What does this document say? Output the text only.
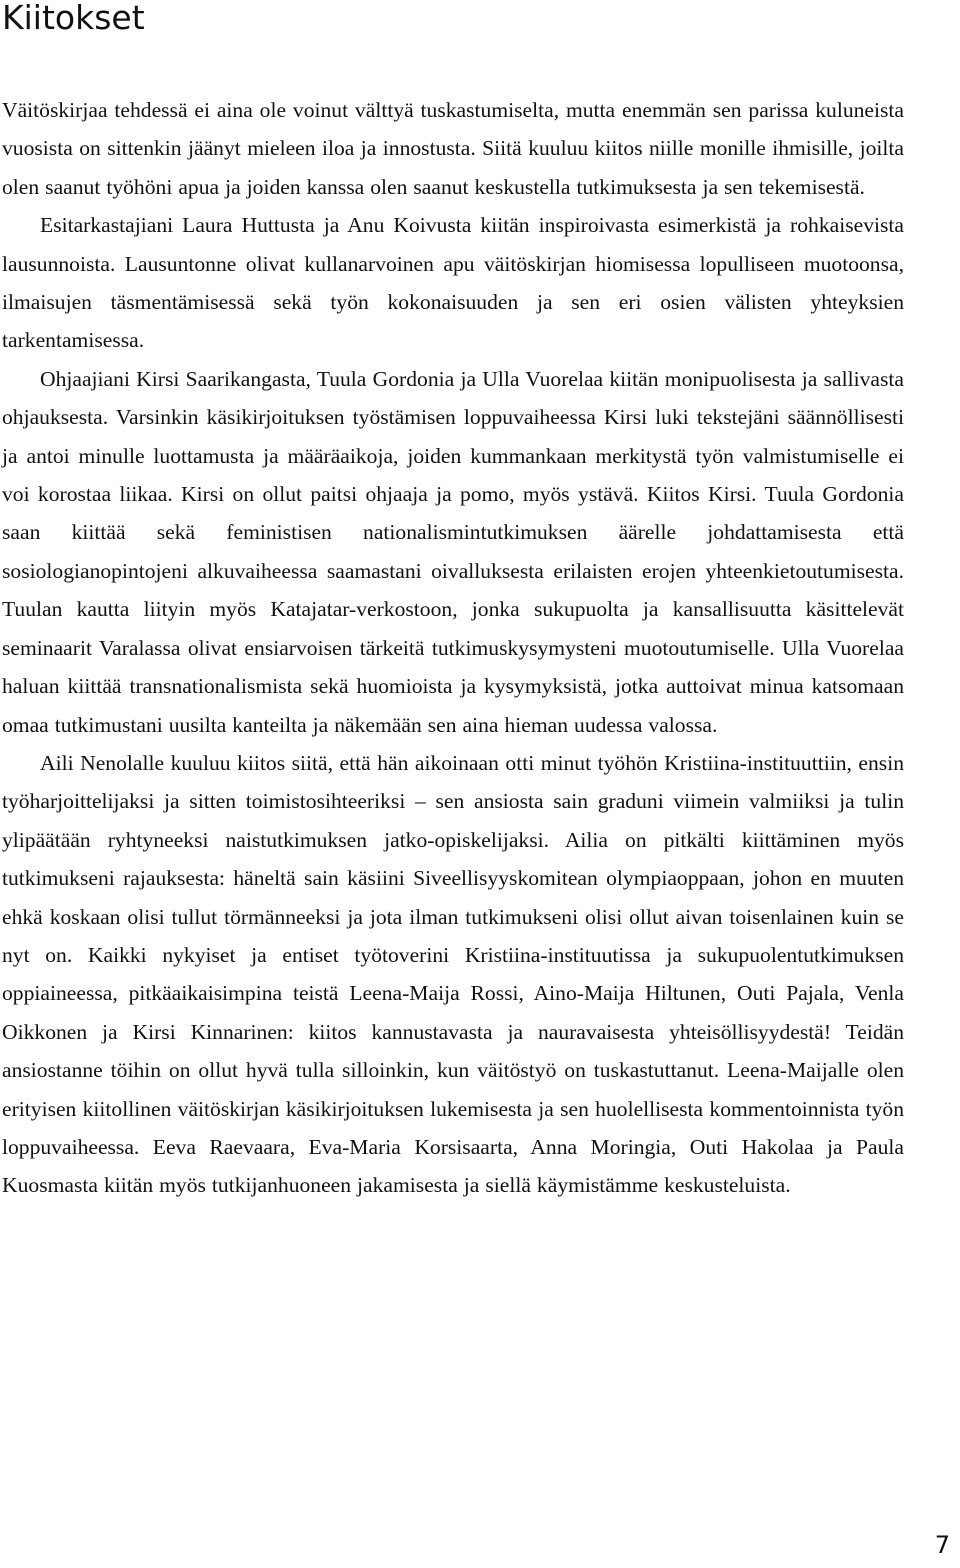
Kiitokset

Väitöskirjaa tehdessä ei aina ole voinut välttyä tuskastumiselta, mutta enemmän sen parissa kuluneista vuosista on sittenkin jäänyt mieleen iloa ja innostusta. Siitä kuuluu kiitos niille monille ihmisille, joilta olen saanut työhöni apua ja joiden kanssa olen saanut keskustella tutkimuksesta ja sen tekemisestä.

Esitarkastajiani Laura Huttusta ja Anu Koivusta kiitän inspiroivasta esimerkistä ja rohkaisevista lausunnoista. Lausuntonne olivat kullanarvoinen apu väitöskirjan hiomisessa lopulliseen muotoonsa, ilmaisujen täsmentämisessä sekä työn kokonaisuuden ja sen eri osien välisten yhteyksien tarkentamisessa.

Ohjaajiani Kirsi Saarikangasta, Tuula Gordonia ja Ulla Vuorelaa kiitän monipuolisesta ja sallivasta ohjauksesta. Varsinkin käsikirjoituksen työstämisen loppuvaiheessa Kirsi luki tekstejäni säännöllisesti ja antoi minulle luottamusta ja määräaikoja, joiden kummankaan merkitystä työn valmistumiselle ei voi korostaa liikaa. Kirsi on ollut paitsi ohjaaja ja pomo, myös ystävä. Kiitos Kirsi. Tuula Gordonia saan kiittää sekä feministisen nationalismintutkimuksen äärelle johdattamisesta että sosiologianopintojeni alkuvaiheessa saamastani oivalluksesta erilaisten erojen yhteenkietoutumisesta. Tuulan kautta liityin myös Katajatar-verkostoon, jonka sukupuolta ja kansallisuutta käsittelevät seminaarit Varalassa olivat ensiarvoisen tärkeitä tutkimuskysymysteni muotoutumiselle. Ulla Vuorelaa haluan kiittää transnationalismista sekä huomioista ja kysymyksistä, jotka auttoivat minua katsomaan omaa tutkimustani uusilta kanteilta ja näkemään sen aina hieman uudessa valossa.

Aili Nenolalle kuuluu kiitos siitä, että hän aikoinaan otti minut työhön Kristiina-instituuttiin, ensin työharjoittelijaksi ja sitten toimistosihteeriksi – sen ansiosta sain graduni viimein valmiiksi ja tulin ylipäätään ryhtyneeksi naistutkimuksen jatko-opiskelijaksi. Ailia on pitkälti kiittäminen myös tutkimukseni rajauksesta: häneltä sain käsiini Siveellisyyskomitean olympiaoppaan, johon en muuten ehkä koskaan olisi tullut törmänneeksi ja jota ilman tutkimukseni olisi ollut aivan toisenlainen kuin se nyt on. Kaikki nykyiset ja entiset työtoverini Kristiina-instituutissa ja sukupuolentutkimuksen oppiaineessa, pitkäaikaisimpina teistä Leena-Maija Rossi, Aino-Maija Hiltunen, Outi Pajala, Venla Oikkonen ja Kirsi Kinnarinen: kiitos kannustavasta ja nauravaisesta yhteisöllisyydestä! Teidän ansiostanne töihin on ollut hyvä tulla silloinkin, kun väitöstyö on tuskastuttanut. Leena-Maijalle olen erityisen kiitollinen väitöskirjan käsikirjoituksen lukemisesta ja sen huolellisesta kommentoinnista työn loppuvaiheessa. Eeva Raevaara, Eva-Maria Korsisaarta, Anna Moringia, Outi Hakolaa ja Paula Kuosmasta kiitän myös tutkijanhuoneen jakamisesta ja siellä käymistämme keskusteluista.

7
